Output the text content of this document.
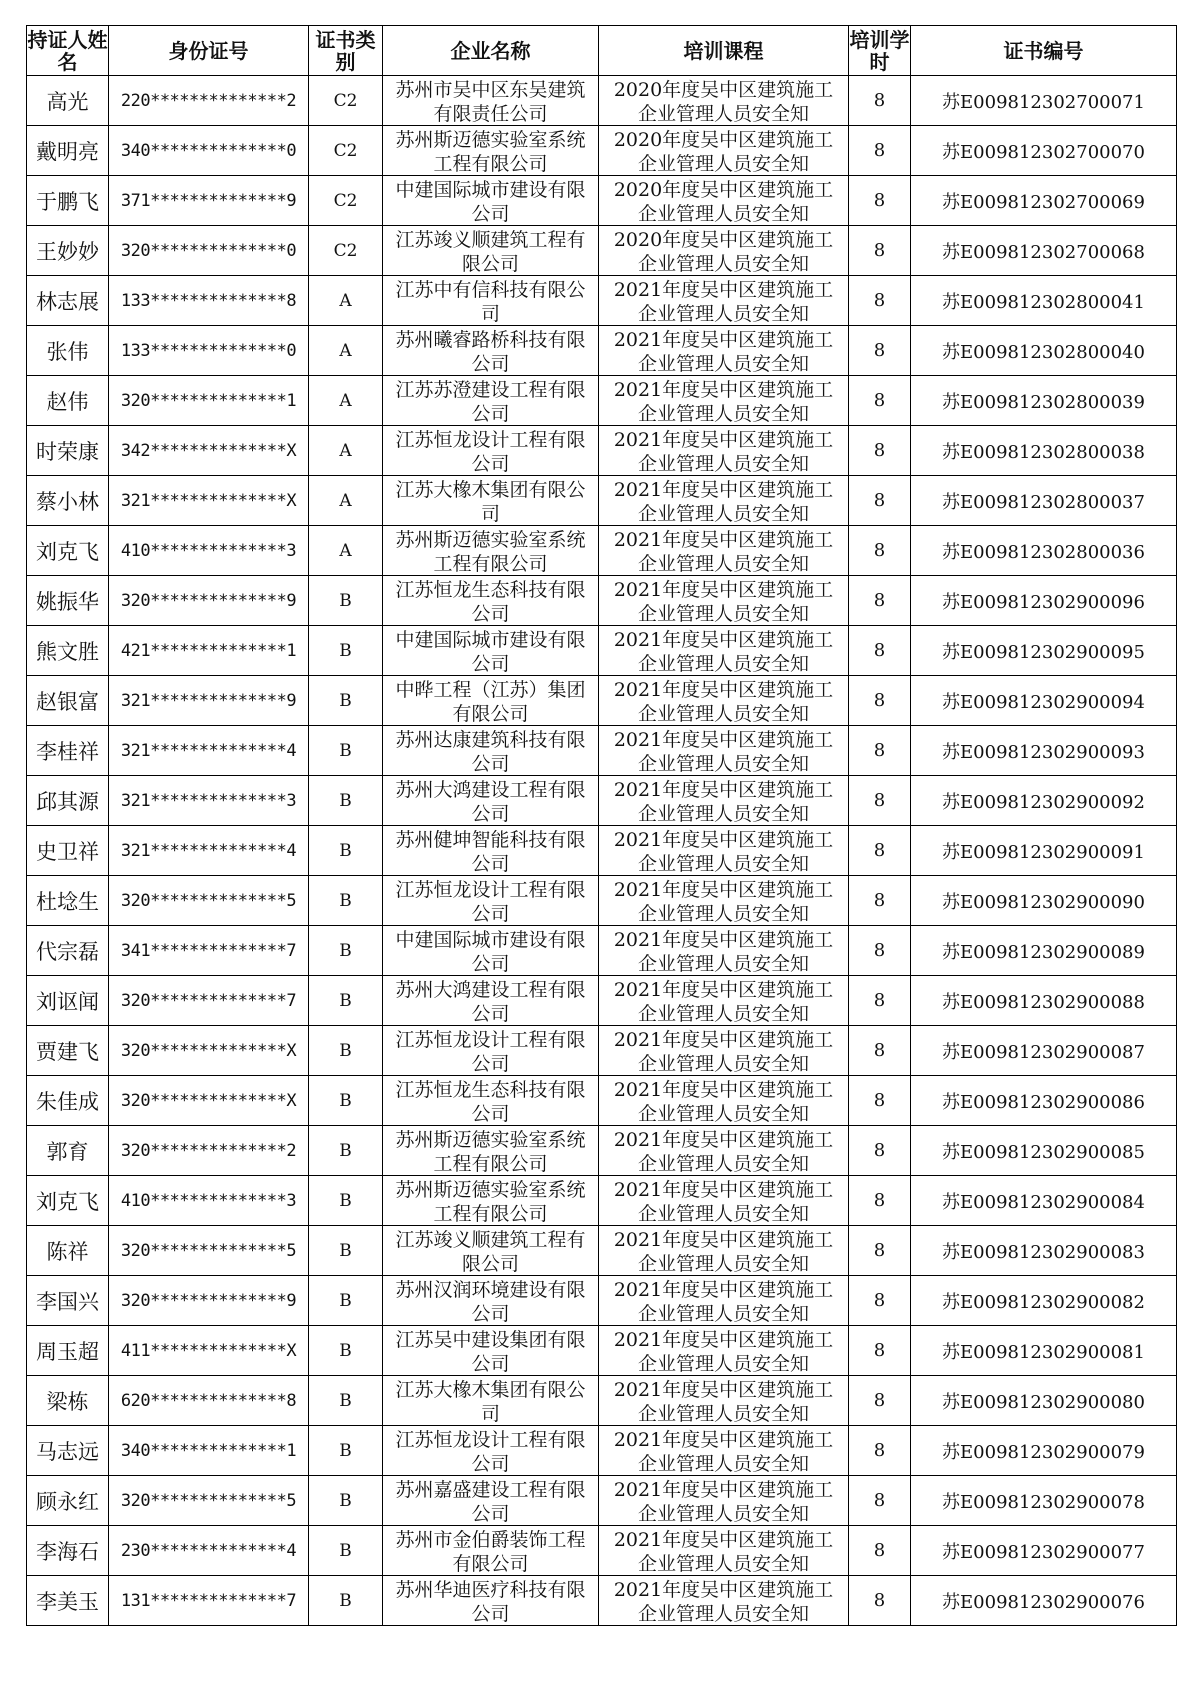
持证人姓名	身份证号	证书类别	企业名称	培训课程	培训学时	证书编号
高光	220**************2	C2	苏州市吴中区东吴建筑有限责任公司	2020年度吴中区建筑施工企业管理人员安全知	8	苏E009812302700071
戴明亮	340**************0	C2	苏州斯迈德实验室系统工程有限公司	2020年度吴中区建筑施工企业管理人员安全知	8	苏E009812302700070
于鹏飞	371**************9	C2	中建国际城市建设有限公司	2020年度吴中区建筑施工企业管理人员安全知	8	苏E009812302700069
王妙妙	320**************0	C2	江苏竣义顺建筑工程有限公司	2020年度吴中区建筑施工企业管理人员安全知	8	苏E009812302700068
林志展	133**************8	A	江苏中有信科技有限公司	2021年度吴中区建筑施工企业管理人员安全知	8	苏E009812302800041
张伟	133**************0	A	苏州曦睿路桥科技有限公司	2021年度吴中区建筑施工企业管理人员安全知	8	苏E009812302800040
赵伟	320**************1	A	江苏苏澄建设工程有限公司	2021年度吴中区建筑施工企业管理人员安全知	8	苏E009812302800039
时荣康	342**************X	A	江苏恒龙设计工程有限公司	2021年度吴中区建筑施工企业管理人员安全知	8	苏E009812302800038
蔡小林	321**************X	A	江苏大橡木集团有限公司	2021年度吴中区建筑施工企业管理人员安全知	8	苏E009812302800037
刘克飞	410**************3	A	苏州斯迈德实验室系统工程有限公司	2021年度吴中区建筑施工企业管理人员安全知	8	苏E009812302800036
姚振华	320**************9	B	江苏恒龙生态科技有限公司	2021年度吴中区建筑施工企业管理人员安全知	8	苏E009812302900096
熊文胜	421**************1	B	中建国际城市建设有限公司	2021年度吴中区建筑施工企业管理人员安全知	8	苏E009812302900095
赵银富	321**************9	B	中晔工程（江苏）集团有限公司	2021年度吴中区建筑施工企业管理人员安全知	8	苏E009812302900094
李桂祥	321**************4	B	苏州达康建筑科技有限公司	2021年度吴中区建筑施工企业管理人员安全知	8	苏E009812302900093
邱其源	321**************3	B	苏州大鸿建设工程有限公司	2021年度吴中区建筑施工企业管理人员安全知	8	苏E009812302900092
史卫祥	321**************4	B	苏州健坤智能科技有限公司	2021年度吴中区建筑施工企业管理人员安全知	8	苏E009812302900091
杜埝生	320**************5	B	江苏恒龙设计工程有限公司	2021年度吴中区建筑施工企业管理人员安全知	8	苏E009812302900090
代宗磊	341**************7	B	中建国际城市建设有限公司	2021年度吴中区建筑施工企业管理人员安全知	8	苏E009812302900089
刘讴闻	320**************7	B	苏州大鸿建设工程有限公司	2021年度吴中区建筑施工企业管理人员安全知	8	苏E009812302900088
贾建飞	320**************X	B	江苏恒龙设计工程有限公司	2021年度吴中区建筑施工企业管理人员安全知	8	苏E009812302900087
朱佳成	320**************X	B	江苏恒龙生态科技有限公司	2021年度吴中区建筑施工企业管理人员安全知	8	苏E009812302900086
郭育	320**************2	B	苏州斯迈德实验室系统工程有限公司	2021年度吴中区建筑施工企业管理人员安全知	8	苏E009812302900085
刘克飞	410**************3	B	苏州斯迈德实验室系统工程有限公司	2021年度吴中区建筑施工企业管理人员安全知	8	苏E009812302900084
陈祥	320**************5	B	江苏竣义顺建筑工程有限公司	2021年度吴中区建筑施工企业管理人员安全知	8	苏E009812302900083
李国兴	320**************9	B	苏州汉润环境建设有限公司	2021年度吴中区建筑施工企业管理人员安全知	8	苏E009812302900082
周玉超	411**************X	B	江苏吴中建设集团有限公司	2021年度吴中区建筑施工企业管理人员安全知	8	苏E009812302900081
梁栋	620**************8	B	江苏大橡木集团有限公司	2021年度吴中区建筑施工企业管理人员安全知	8	苏E009812302900080
马志远	340**************1	B	江苏恒龙设计工程有限公司	2021年度吴中区建筑施工企业管理人员安全知	8	苏E009812302900079
顾永红	320**************5	B	苏州嘉盛建设工程有限公司	2021年度吴中区建筑施工企业管理人员安全知	8	苏E009812302900078
李海石	230**************4	B	苏州市金伯爵装饰工程有限公司	2021年度吴中区建筑施工企业管理人员安全知	8	苏E009812302900077
李美玉	131**************7	B	苏州华迪医疗科技有限公司	2021年度吴中区建筑施工企业管理人员安全知	8	苏E009812302900076
